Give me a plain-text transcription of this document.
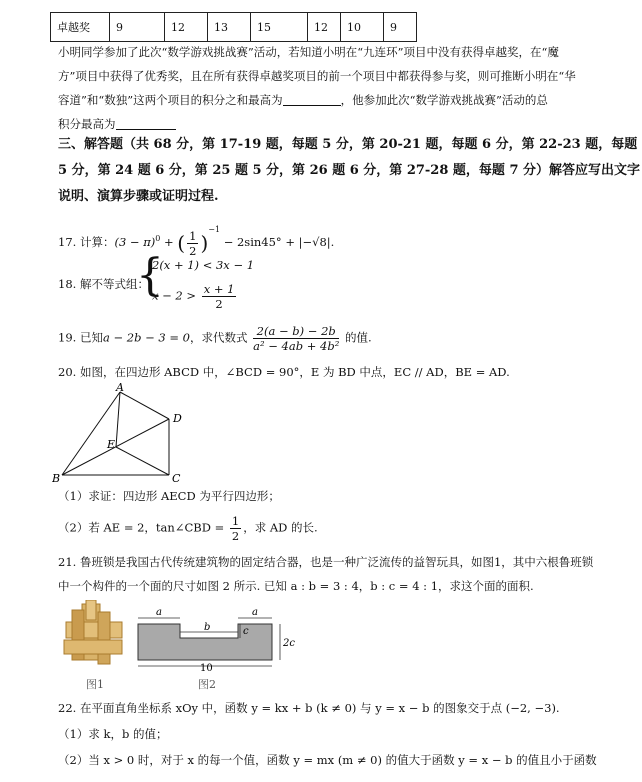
卓越奖	9	12	13	15	12	10	9
小明同学参加了此次“数学游戏挑战赛”活动，若知道小明在“九连环”项目中没有获得卓越奖，在“魔
方”项目中获得了优秀奖，且在所有获得卓越奖项目的前一个项目中都获得参与奖，则可推断小明在“华
容道”和“数独”这两个项目的积分之和最高为	，他参加此次“数学游戏挑战赛”活动的总
积分最高为
三、解答题（共 68 分，第 17-19 题，每题 5 分，第 20-21 题，每题 6 分，第 22-23 题，每题
5 分，第 24 题 6 分，第 25 题 5 分，第 26 题 6 分，第 27-28 题，每题 7 分）解答应写出文字
说明、演算步骤或证明过程.
17. 计算：$(3 - \pi)^0$ + ( $\frac{1}{2} )^{-1} - 2\sin 45^\circ + |-√8|$.
18. 解不等式组：
{
2(x + 1) < 3x − 1
$x - 2 > \frac{x + 1}{2}$
19. 已知a − 2b − 3 = 0，求代数式 $\frac{2(a - b) - 2b}{\text{a² − 4ab + 4b²}}$ 的值.
20. 如图，在四边形 ABCD 中，∠BCD = 90°，E 为 BD 中点，EC // AD，BE = AD.
A
B	C
D
E
（1）求证：四边形 AECD 为平行四边形；
（2）若 AE = 2，tan∠CBD = $\frac{1}{2}$ ，求 AD 的长.
21. 鲁班锁是我国古代传统建筑物的固定结合器，也是一种广泛流传的益智玩具，如图1，其中六根鲁班锁
中一个构件的一个面的尺寸如图 2 所示. 已知 a : b = 3 : 4，b : c = 4 : 1，求这个面的面积.
图1
a
b	c
a
2c
10
图2
22. 在平面直角坐标系 xOy 中，函数 y = kx + b (k ≠ 0) 与 y = x − b 的图象交于点 (−2, −3).
（1）求 k，b 的值；
（2）当 x > 0 时，对于 x 的每一个值，函数 y = mx (m ≠ 0) 的值大于函数 y = x − b 的值且小于函数
